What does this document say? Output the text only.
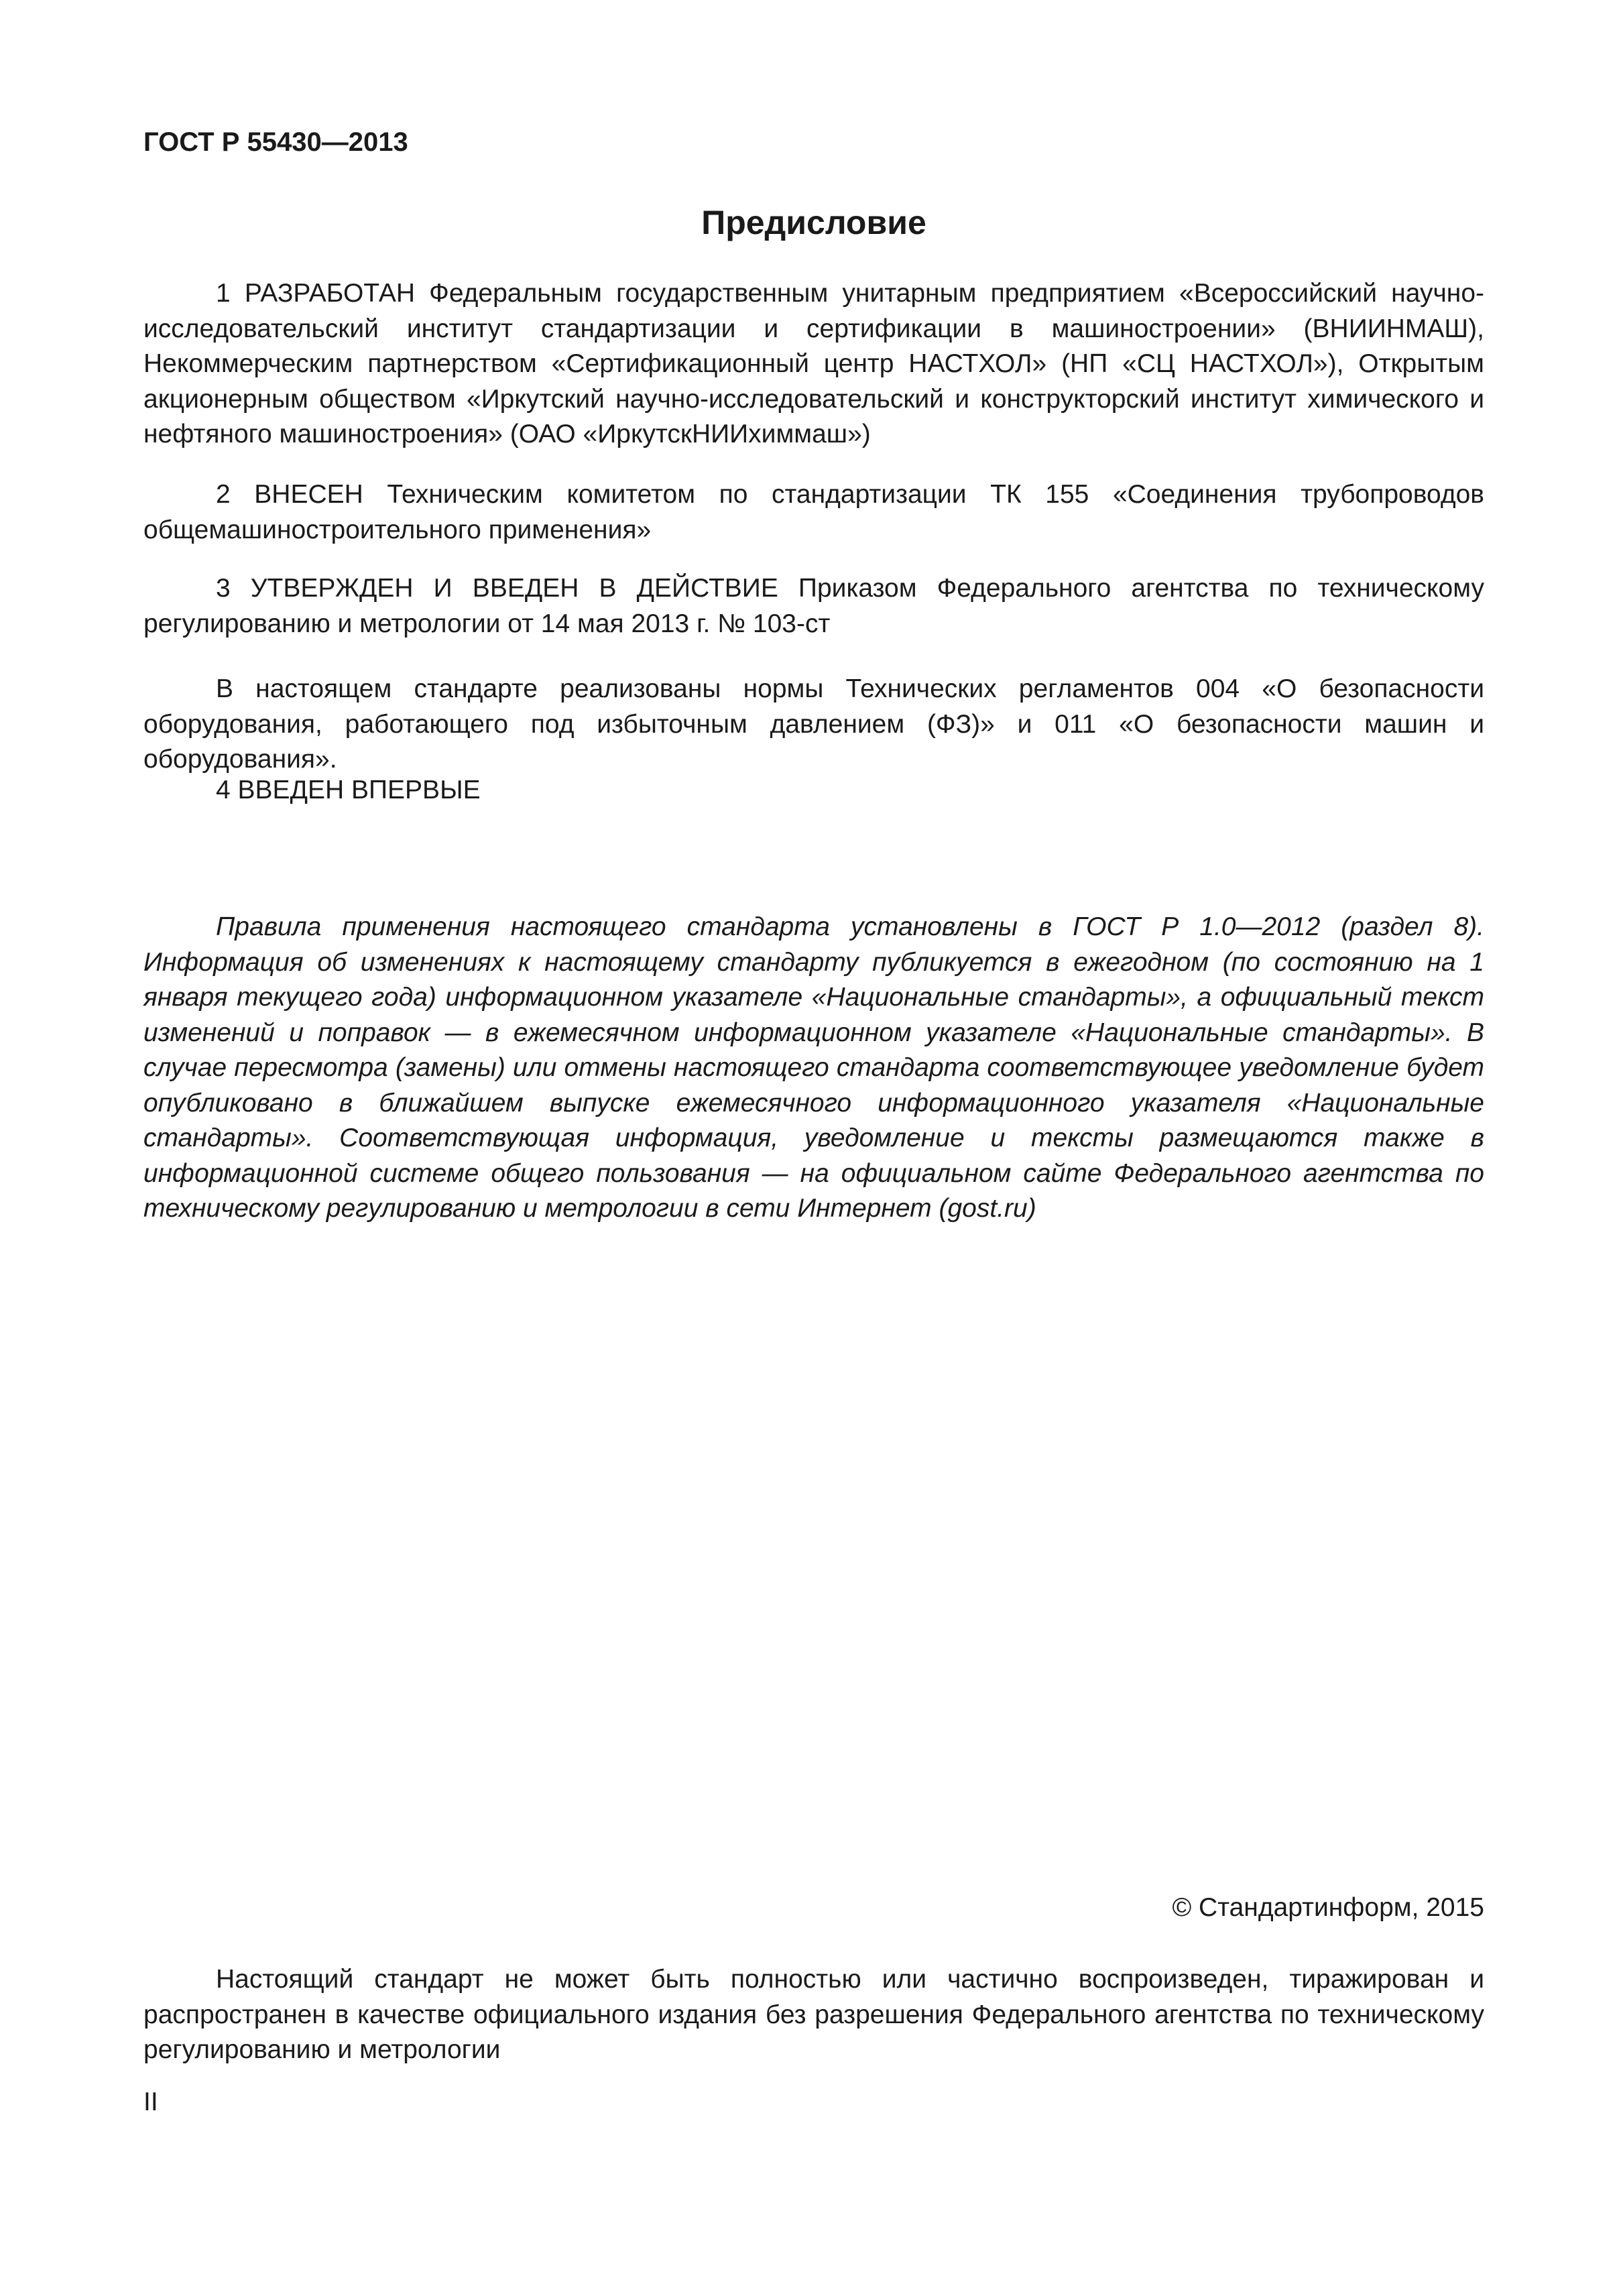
ГОСТ Р 55430—2013
Предисловие

1 РАЗРАБОТАН Федеральным государственным унитарным предприятием «Всероссийский научно-исследовательский институт стандартизации и сертификации в машиностроении» (ВНИИНМАШ), Некоммерческим партнерством «Сертификационный центр НАСТХОЛ» (НП «СЦ НАСТХОЛ»), Открытым акционерным обществом «Иркутский научно-исследовательский и конструкторский институт химического и нефтяного машиностроения» (ОАО «ИркутскНИИхиммаш»)

2 ВНЕСЕН Техническим комитетом по стандартизации ТК 155 «Соединения трубопроводов общемашиностроительного применения»

3 УТВЕРЖДЕН И ВВЕДЕН В ДЕЙСТВИЕ Приказом Федерального агентства по техническому регулированию и метрологии от 14 мая 2013 г. № 103-ст

В настоящем стандарте реализованы нормы Технических регламентов 004 «О безопасности оборудования, работающего под избыточным давлением (ФЗ)» и 011 «О безопасности машин и оборудования».

4 ВВЕДЕН ВПЕРВЫЕ

Правила применения настоящего стандарта установлены в ГОСТ Р 1.0—2012 (раздел 8). Информация об изменениях к настоящему стандарту публикуется в ежегодном (по состоянию на 1 января текущего года) информационном указателе «Национальные стандарты», а официальный текст изменений и поправок — в ежемесячном информационном указателе «Национальные стандарты». В случае пересмотра (замены) или отмены настоящего стандарта соответствующее уведомление будет опубликовано в ближайшем выпуске ежемесячного информационного указателя «Национальные стандарты». Соответствующая информация, уведомление и тексты размещаются также в информационной системе общего пользования — на официальном сайте Федерального агентства по техническому регулированию и метрологии в сети Интернет (gost.ru)

© Стандартинформ, 2015

Настоящий стандарт не может быть полностью или частично воспроизведен, тиражирован и распространен в качестве официального издания без разрешения Федерального агентства по техническому регулированию и метрологии

II
